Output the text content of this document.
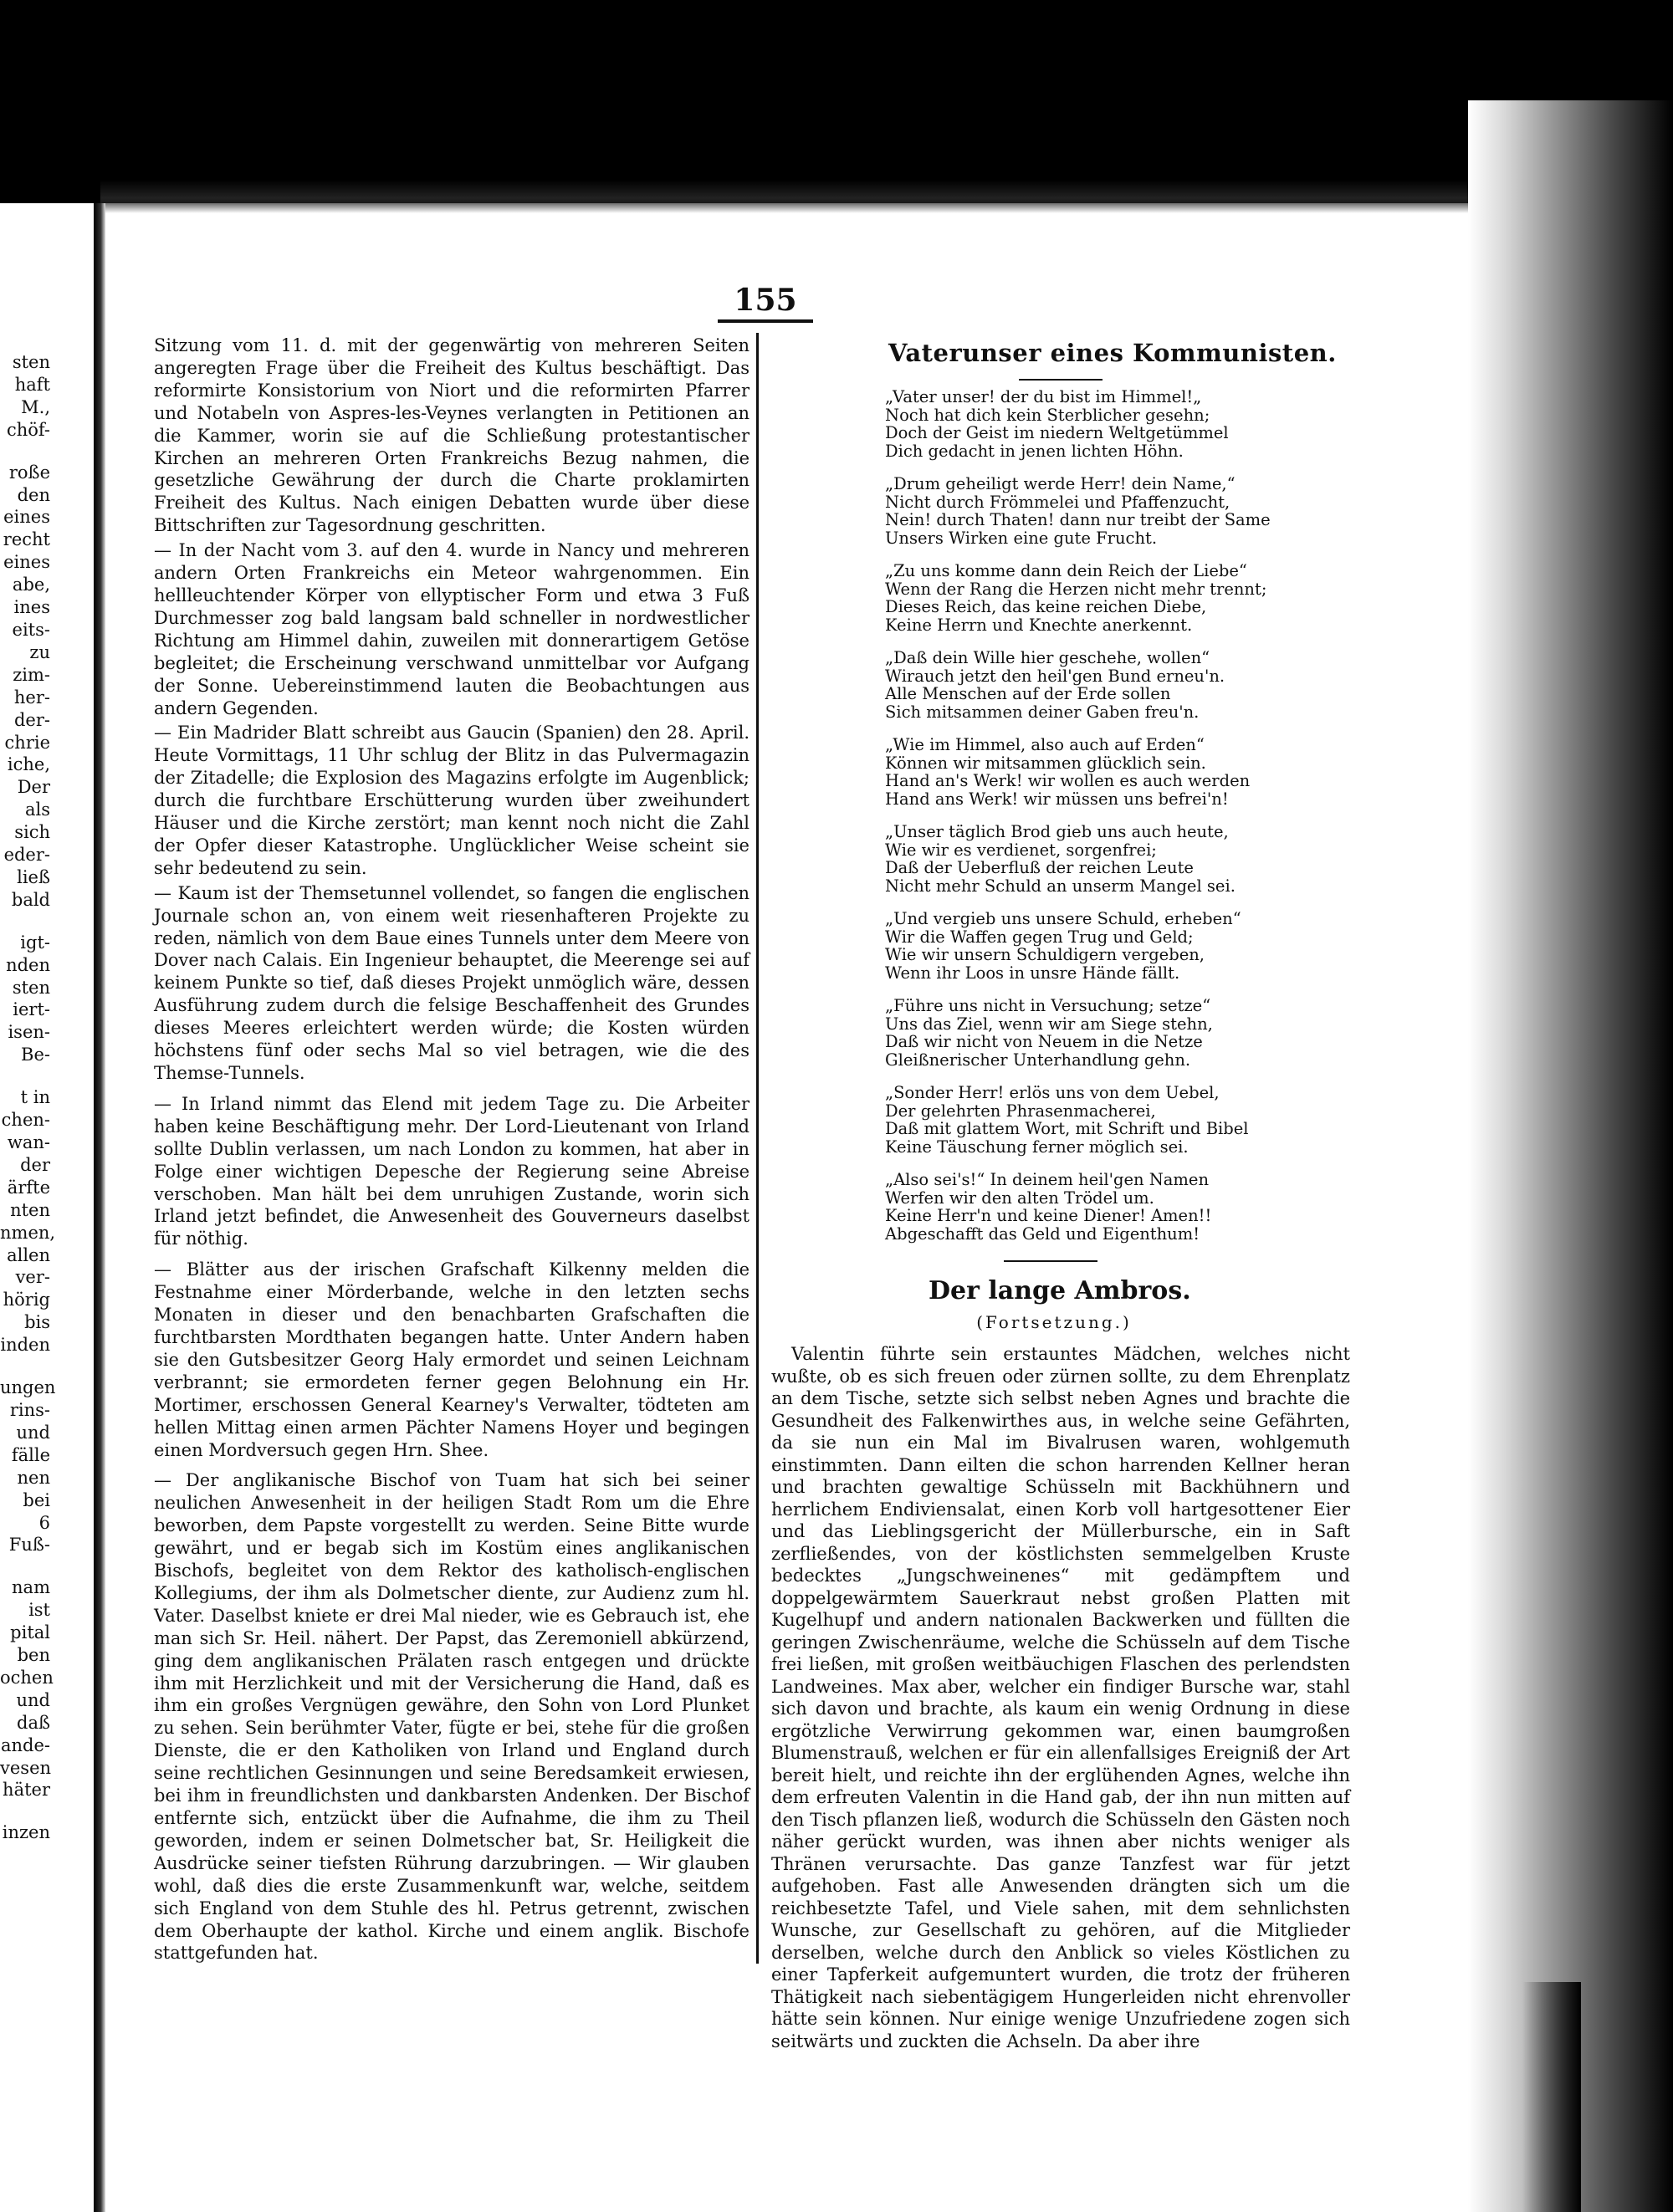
sten
haft
M.,
chöf-
roße
den
eines
recht
eines
abe,
ines
eits-
zu
zim-
her-
der-
chrie
iche,
Der
als
sich
eder-
ließ
bald
igt-
nden
sten
iert-
isen-
Be-
t in
chen-
wan-
der
ärfte
nten
nmen,
allen
ver-
hörig
bis
inden
ungen
rins-
und
fälle
nen
bei
6
Fuß-
nam
ist
pital
ben
ochen
und
daß
ande-
vesen
häter
inzen
155

Sitzung vom 11. d. mit der gegenwärtig von mehreren Seiten angeregten Frage über die Freiheit des Kultus beschäftigt. Das reformirte Konsistorium von Niort und die reformirten Pfarrer und Notabeln von Aspres-les-Veynes verlangten in Petitionen an die Kammer, worin sie auf die Schließung protestantischer Kirchen an mehreren Orten Frankreichs Bezug nahmen, die gesetzliche Gewährung der durch die Charte proklamirten Freiheit des Kultus. Nach einigen Debatten wurde über diese Bittschriften zur Tagesordnung geschritten.

— In der Nacht vom 3. auf den 4. wurde in Nancy und mehreren andern Orten Frankreichs ein Meteor wahrgenommen. Ein hellleuchtender Körper von ellyptischer Form und etwa 3 Fuß Durchmesser zog bald langsam bald schneller in nordwestlicher Richtung am Himmel dahin, zuweilen mit donnerartigem Getöse begleitet; die Erscheinung verschwand unmittelbar vor Aufgang der Sonne. Uebereinstimmend lauten die Beobachtungen aus andern Gegenden.

— Ein Madrider Blatt schreibt aus Gaucin (Spanien) den 28. April. Heute Vormittags, 11 Uhr schlug der Blitz in das Pulvermagazin der Zitadelle; die Explosion des Magazins erfolgte im Augenblick; durch die furchtbare Erschütterung wurden über zweihundert Häuser und die Kirche zerstört; man kennt noch nicht die Zahl der Opfer dieser Katastrophe. Unglücklicher Weise scheint sie sehr bedeutend zu sein.

— Kaum ist der Themsetunnel vollendet, so fangen die englischen Journale schon an, von einem weit riesenhafteren Projekte zu reden, nämlich von dem Baue eines Tunnels unter dem Meere von Dover nach Calais. Ein Ingenieur behauptet, die Meerenge sei auf keinem Punkte so tief, daß dieses Projekt unmöglich wäre, dessen Ausführung zudem durch die felsige Beschaffenheit des Grundes dieses Meeres erleichtert werden würde; die Kosten würden höchstens fünf oder sechs Mal so viel betragen, wie die des Themse-Tunnels.

— In Irland nimmt das Elend mit jedem Tage zu. Die Arbeiter haben keine Beschäftigung mehr. Der Lord-Lieutenant von Irland sollte Dublin verlassen, um nach London zu kommen, hat aber in Folge einer wichtigen Depesche der Regierung seine Abreise verschoben. Man hält bei dem unruhigen Zustande, worin sich Irland jetzt befindet, die Anwesenheit des Gouverneurs daselbst für nöthig.

— Blätter aus der irischen Grafschaft Kilkenny melden die Festnahme einer Mörderbande, welche in den letzten sechs Monaten in dieser und den benachbarten Grafschaften die furchtbarsten Mordthaten begangen hatte. Unter Andern haben sie den Gutsbesitzer Georg Haly ermordet und seinen Leichnam verbrannt; sie ermordeten ferner gegen Belohnung ein Hr. Mortimer, erschossen General Kearney's Verwalter, tödteten am hellen Mittag einen armen Pächter Namens Hoyer und begingen einen Mordversuch gegen Hrn. Shee.

— Der anglikanische Bischof von Tuam hat sich bei seiner neulichen Anwesenheit in der heiligen Stadt Rom um die Ehre beworben, dem Papste vorgestellt zu werden. Seine Bitte wurde gewährt, und er begab sich im Kostüm eines anglikanischen Bischofs, begleitet von dem Rektor des katholisch-englischen Kollegiums, der ihm als Dolmetscher diente, zur Audienz zum hl. Vater. Daselbst kniete er drei Mal nieder, wie es Gebrauch ist, ehe man sich Sr. Heil. nähert. Der Papst, das Zeremoniell abkürzend, ging dem anglikanischen Prälaten rasch entgegen und drückte ihm mit Herzlichkeit und mit der Versicherung die Hand, daß es ihm ein großes Vergnügen gewähre, den Sohn von Lord Plunket zu sehen. Sein berühmter Vater, fügte er bei, stehe für die großen Dienste, die er den Katholiken von Irland und England durch seine rechtlichen Gesinnungen und seine Beredsamkeit erwiesen, bei ihm in freundlichsten und dankbarsten Andenken. Der Bischof entfernte sich, entzückt über die Aufnahme, die ihm zu Theil geworden, indem er seinen Dolmetscher bat, Sr. Heiligkeit die Ausdrücke seiner tiefsten Rührung darzubringen. — Wir glauben wohl, daß dies die erste Zusammenkunft war, welche, seitdem sich England von dem Stuhle des hl. Petrus getrennt, zwischen dem Oberhaupte der kathol. Kirche und einem anglik. Bischofe stattgefunden hat.

Vaterunser eines Kommunisten.
„Vater unser! der du bist im Himmel!„
Noch hat dich kein Sterblicher gesehn;
Doch der Geist im niedern Weltgetümmel
Dich gedacht in jenen lichten Höhn.
„Drum geheiligt werde Herr! dein Name,“
Nicht durch Frömmelei und Pfaffenzucht,
Nein! durch Thaten! dann nur treibt der Same
Unsers Wirken eine gute Frucht.
„Zu uns komme dann dein Reich der Liebe“
Wenn der Rang die Herzen nicht mehr trennt;
Dieses Reich, das keine reichen Diebe,
Keine Herrn und Knechte anerkennt.
„Daß dein Wille hier geschehe, wollen“
Wirauch jetzt den heil'gen Bund erneu'n.
Alle Menschen auf der Erde sollen
Sich mitsammen deiner Gaben freu'n.
„Wie im Himmel, also auch auf Erden“
Können wir mitsammen glücklich sein.
Hand an's Werk! wir wollen es auch werden
Hand ans Werk! wir müssen uns befrei'n!
„Unser täglich Brod gieb uns auch heute,
Wie wir es verdienet, sorgenfrei;
Daß der Ueberfluß der reichen Leute
Nicht mehr Schuld an unserm Mangel sei.
„Und vergieb uns unsere Schuld, erheben“
Wir die Waffen gegen Trug und Geld;
Wie wir unsern Schuldigern vergeben,
Wenn ihr Loos in unsre Hände fällt.
„Führe uns nicht in Versuchung; setze“
Uns das Ziel, wenn wir am Siege stehn,
Daß wir nicht von Neuem in die Netze
Gleißnerischer Unterhandlung gehn.
„Sonder Herr! erlös uns von dem Uebel,
Der gelehrten Phrasenmacherei,
Daß mit glattem Wort, mit Schrift und Bibel
Keine Täuschung ferner möglich sei.
„Also sei's!“ In deinem heil'gen Namen
Werfen wir den alten Trödel um.
Keine Herr'n und keine Diener! Amen!!
Abgeschafft das Geld und Eigenthum!
Der lange Ambros.
(Fortsetzung.)

Valentin führte sein erstauntes Mädchen, welches nicht wußte, ob es sich freuen oder zürnen sollte, zu dem Ehrenplatz an dem Tische, setzte sich selbst neben Agnes und brachte die Gesundheit des Falkenwirthes aus, in welche seine Gefährten, da sie nun ein Mal im Bivalrusen waren, wohlgemuth einstimmten. Dann eilten die schon harrenden Kellner heran und brachten gewaltige Schüsseln mit Backhühnern und herrlichem Endiviensalat, einen Korb voll hartgesottener Eier und das Lieblingsgericht der Müllerbursche, ein in Saft zerfließendes, von der köstlichsten semmelgelben Kruste bedecktes „Jungschweinenes“ mit gedämpftem und doppelgewärmtem Sauerkraut nebst großen Platten mit Kugelhupf und andern nationalen Backwerken und füllten die geringen Zwischenräume, welche die Schüsseln auf dem Tische frei ließen, mit großen weitbäuchigen Flaschen des perlendsten Landweines. Max aber, welcher ein findiger Bursche war, stahl sich davon und brachte, als kaum ein wenig Ordnung in diese ergötzliche Verwirrung gekommen war, einen baumgroßen Blumenstrauß, welchen er für ein allenfallsiges Ereigniß der Art bereit hielt, und reichte ihn der erglühenden Agnes, welche ihn dem erfreuten Valentin in die Hand gab, der ihn nun mitten auf den Tisch pflanzen ließ, wodurch die Schüsseln den Gästen noch näher gerückt wurden, was ihnen aber nichts weniger als Thränen verursachte. Das ganze Tanzfest war für jetzt aufgehoben. Fast alle Anwesenden drängten sich um die reichbesetzte Tafel, und Viele sahen, mit dem sehnlichsten Wunsche, zur Gesellschaft zu gehören, auf die Mitglieder derselben, welche durch den Anblick so vieles Köstlichen zu einer Tapferkeit aufgemuntert wurden, die trotz der früheren Thätigkeit nach siebentägigem Hungerleiden nicht ehrenvoller hätte sein können. Nur einige wenige Unzufriedene zogen sich seitwärts und zuckten die Achseln. Da aber ihre
